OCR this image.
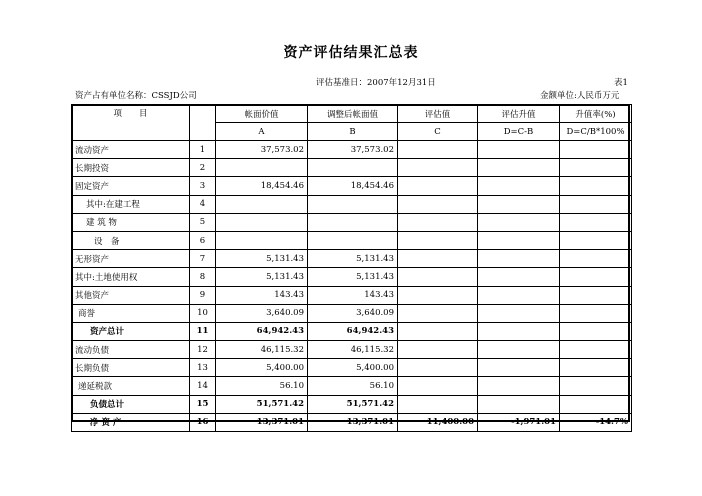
资产评估结果汇总表
评估基准日：2007年12月31日	表1
资产占有单位名称：CSSJD公司	金额单位:人民币万元
项　　目		帐面价值	调整后帐面值	评估值	评估升值	升值率(%)
		A	B	C	D=C-B	D=C/B*100%
流动资产	1	37,573.02	37,573.02			
长期投资	2					
固定资产	3	18,454.46	18,454.46			
其中:在建工程	4					
建 筑 物	5					
设　备	6					
无形资产	7	5,131.43	5,131.43			
其中:土地使用权	8	5,131.43	5,131.43			
其他资产	9	143.43	143.43			
商誉	10	3,640.09	3,640.09			
资产总计	11	64,942.43	64,942.43			
流动负债	12	46,115.32	46,115.32			
长期负债	13	5,400.00	5,400.00			
递延税款	14	56.10	56.10			
负债总计	15	51,571.42	51,571.42			
净 资 产	16	13,371.01	13,371.01	11,400.00	-1,971.01	-14.7%
